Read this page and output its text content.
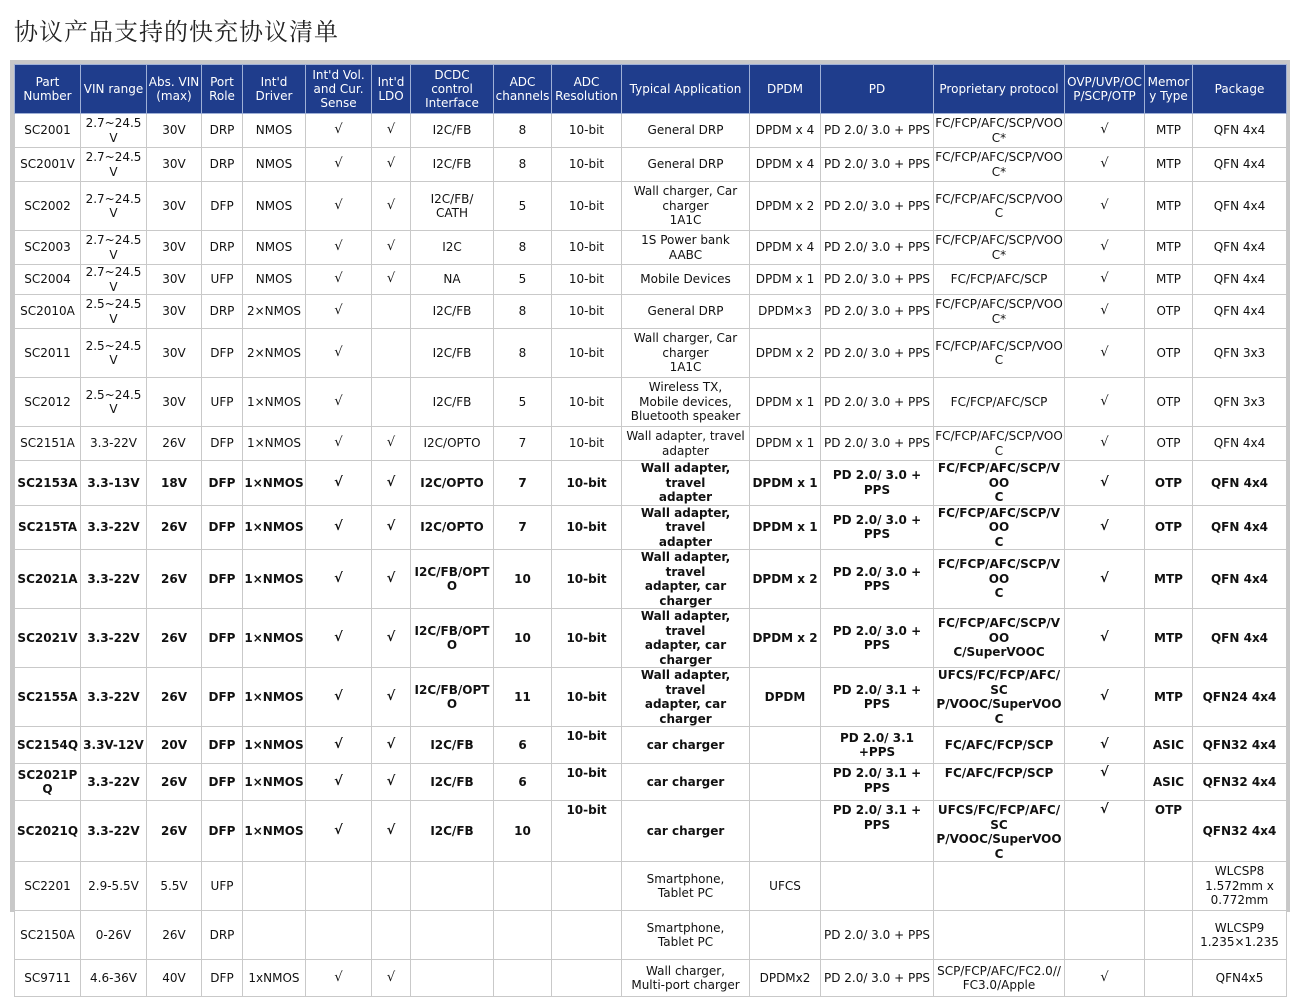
协议产品支持的快充协议清单
Part
Number	VIN range	Abs. VIN
(max)	Port
Role	Int'd
Driver	Int'd Vol.
and Cur.
Sense	Int'd
LDO	DCDC control
Interface	ADC
channels	ADC
Resolution	Typical Application	DPDM	PD	Proprietary protocol	OVP/UVP/OC
P/SCP/OTP	Memor
y Type	Package
SC2001	2.7~24.5V	30V	DRP	NMOS	√	√	I2C/FB	8	10-bit	General DRP	DPDM x 4	PD 2.0/ 3.0 + PPS	FC/FCP/AFC/SCP/VOO
C*	√	MTP	QFN 4x4
SC2001V	2.7~24.5V	30V	DRP	NMOS	√	√	I2C/FB	8	10-bit	General DRP	DPDM x 4	PD 2.0/ 3.0 + PPS	FC/FCP/AFC/SCP/VOO
C*	√	MTP	QFN 4x4
SC2002	2.7~24.5V	30V	DFP	NMOS	√	√	I2C/FB/
CATH	5	10-bit	Wall charger, Car
charger
1A1C	DPDM x 2	PD 2.0/ 3.0 + PPS	FC/FCP/AFC/SCP/VOO
C	√	MTP	QFN 4x4
SC2003	2.7~24.5V	30V	DRP	NMOS	√	√	I2C	8	10-bit	1S Power bank
AABC	DPDM x 4	PD 2.0/ 3.0 + PPS	FC/FCP/AFC/SCP/VOO
C*	√	MTP	QFN 4x4
SC2004	2.7~24.5V	30V	UFP	NMOS	√	√	NA	5	10-bit	Mobile Devices	DPDM x 1	PD 2.0/ 3.0 + PPS	FC/FCP/AFC/SCP	√	MTP	QFN 4x4
SC2010A	2.5~24.5V	30V	DRP	2×NMOS	√		I2C/FB	8	10-bit	General DRP	DPDM×3	PD 2.0/ 3.0 + PPS	FC/FCP/AFC/SCP/VOO
C*	√	OTP	QFN 4x4
SC2011	2.5~24.5V	30V	DFP	2×NMOS	√		I2C/FB	8	10-bit	Wall charger, Car
charger
1A1C	DPDM x 2	PD 2.0/ 3.0 + PPS	FC/FCP/AFC/SCP/VOO
C	√	OTP	QFN 3x3
SC2012	2.5~24.5V	30V	UFP	1×NMOS	√		I2C/FB	5	10-bit	Wireless TX,
Mobile devices,
Bluetooth speaker	DPDM x 1	PD 2.0/ 3.0 + PPS	FC/FCP/AFC/SCP	√	OTP	QFN 3x3
SC2151A	3.3-22V	26V	DFP	1×NMOS	√	√	I2C/OPTO	7	10-bit	Wall adapter, travel
adapter	DPDM x 1	PD 2.0/ 3.0 + PPS	FC/FCP/AFC/SCP/VOO
C	√	OTP	QFN 4x4
SC2153A	3.3-13V	18V	DFP	1×NMOS	√	√	I2C/OPTO	7	10-bit	Wall adapter, travel
adapter	DPDM x 1	PD 2.0/ 3.0 + PPS	FC/FCP/AFC/SCP/VOO
C	√	OTP	QFN 4x4
SC215TA	3.3-22V	26V	DFP	1×NMOS	√	√	I2C/OPTO	7	10-bit	Wall adapter, travel
adapter	DPDM x 1	PD 2.0/ 3.0 + PPS	FC/FCP/AFC/SCP/VOO
C	√	OTP	QFN 4x4
SC2021A	3.3-22V	26V	DFP	1×NMOS	√	√	I2C/FB/OPTO	10	10-bit	Wall adapter, travel
adapter, car charger	DPDM x 2	PD 2.0/ 3.0 + PPS	FC/FCP/AFC/SCP/VOO
C	√	MTP	QFN 4x4
SC2021V	3.3-22V	26V	DFP	1×NMOS	√	√	I2C/FB/OPTO	10	10-bit	Wall adapter, travel
adapter, car charger	DPDM x 2	PD 2.0/ 3.0 + PPS	FC/FCP/AFC/SCP/VOO
C/SuperVOOC	√	MTP	QFN 4x4
SC2155A	3.3-22V	26V	DFP	1×NMOS	√	√	I2C/FB/OPTO	11	10-bit	Wall adapter, travel
adapter, car charger	DPDM	PD 2.0/ 3.1 + PPS	UFCS/FC/FCP/AFC/SC
P/VOOC/SuperVOOC	√	MTP	QFN24 4x4
SC2154Q	3.3V-12V	20V	DFP	1×NMOS	√	√	I2C/FB	6	10-bit	car charger		PD 2.0/ 3.1 +PPS	FC/AFC/FCP/SCP	√	ASIC	QFN32 4x4
SC2021PQ	3.3-22V	26V	DFP	1×NMOS	√	√	I2C/FB	6	10-bit	car charger		PD 2.0/ 3.1 + PPS	FC/AFC/FCP/SCP	√	ASIC	QFN32 4x4
SC2021Q	3.3-22V	26V	DFP	1×NMOS	√	√	I2C/FB	10	10-bit	car charger		PD 2.0/ 3.1 + PPS	UFCS/FC/FCP/AFC/SC
P/VOOC/SuperVOOC	√	OTP	QFN32 4x4
SC2201	2.9-5.5V	5.5V	UFP							Smartphone,
Tablet PC	UFCS					WLCSP8
1.572mm x
0.772mm
SC2150A	0-26V	26V	DRP							Smartphone,
Tablet PC		PD 2.0/ 3.0 + PPS				WLCSP9
1.235×1.235
SC9711	4.6-36V	40V	DFP	1xNMOS	√	√				Wall charger,
Multi-port charger	DPDMx2	PD 2.0/ 3.0 + PPS	SCP/FCP/AFC/FC2.0//
FC3.0/Apple	√		QFN4x5
